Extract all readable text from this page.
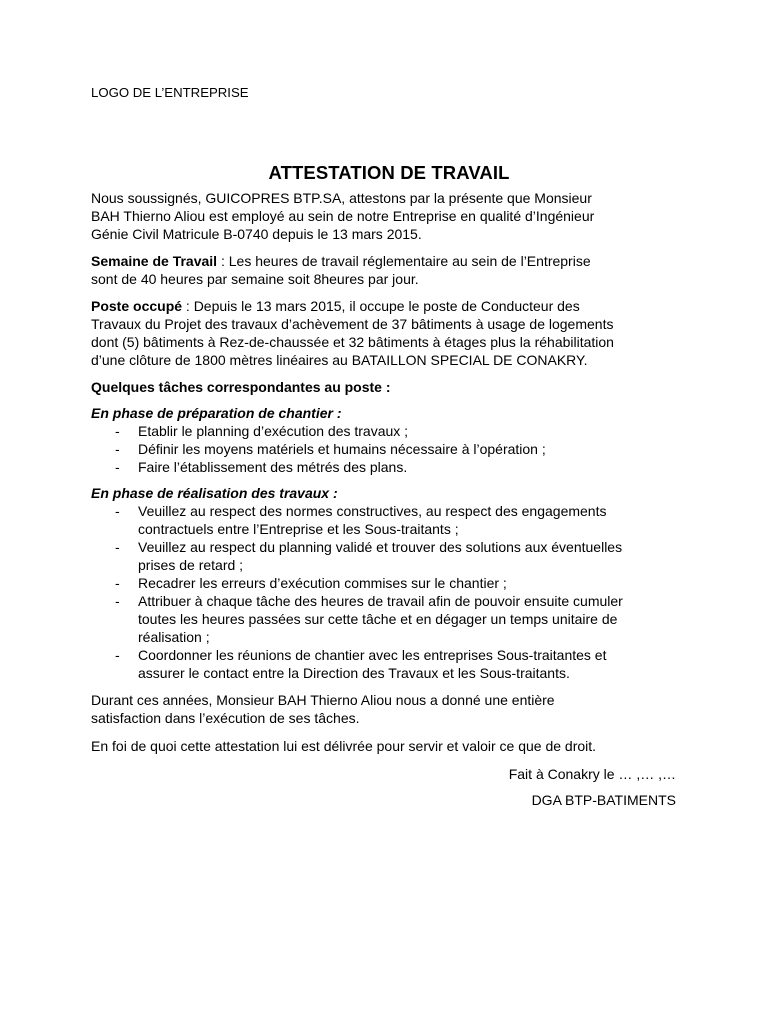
LOGO DE L’ENTREPRISE

ATTESTATION DE TRAVAIL

Nous soussignés, GUICOPRES BTP.SA, attestons par la présente que Monsieur
BAH Thierno Aliou est employé au sein de notre Entreprise en qualité d’Ingénieur
Génie Civil Matricule B-0740 depuis le 13 mars 2015.

Semaine de Travail : Les heures de travail réglementaire au sein de l’Entreprise
sont de 40 heures par semaine soit 8heures par jour.

Poste occupé : Depuis le 13 mars 2015, il occupe le poste de Conducteur des
Travaux du Projet des travaux d’achèvement de 37 bâtiments à usage de logements
dont (5) bâtiments à Rez-de-chaussée et 32 bâtiments à étages plus la réhabilitation
d’une clôture de 1800 mètres linéaires au BATAILLON SPECIAL DE CONAKRY.

Quelques tâches correspondantes au poste :

En phase de préparation de chantier :

- Etablir le planning d’exécution des travaux ;
- Définir les moyens matériels et humains nécessaire à l’opération ;
- Faire l’établissement des métrés des plans.

En phase de réalisation des travaux :

- Veuillez au respect des normes constructives, au respect des engagements
contractuels entre l’Entreprise et les Sous-traitants ;
- Veuillez au respect du planning validé et trouver des solutions aux éventuelles
prises de retard ;
- Recadrer les erreurs d’exécution commises sur le chantier ;
- Attribuer à chaque tâche des heures de travail afin de pouvoir ensuite cumuler
toutes les heures passées sur cette tâche et en dégager un temps unitaire de
réalisation ;
- Coordonner les réunions de chantier avec les entreprises Sous-traitantes et
assurer le contact entre la Direction des Travaux et les Sous-traitants.

Durant ces années, Monsieur BAH Thierno Aliou nous a donné une entière
satisfaction dans l’exécution de ses tâches.

En foi de quoi cette attestation lui est délivrée pour servir et valoir ce que de droit.

Fait à Conakry le … ,… ,…

DGA BTP-BATIMENTS
